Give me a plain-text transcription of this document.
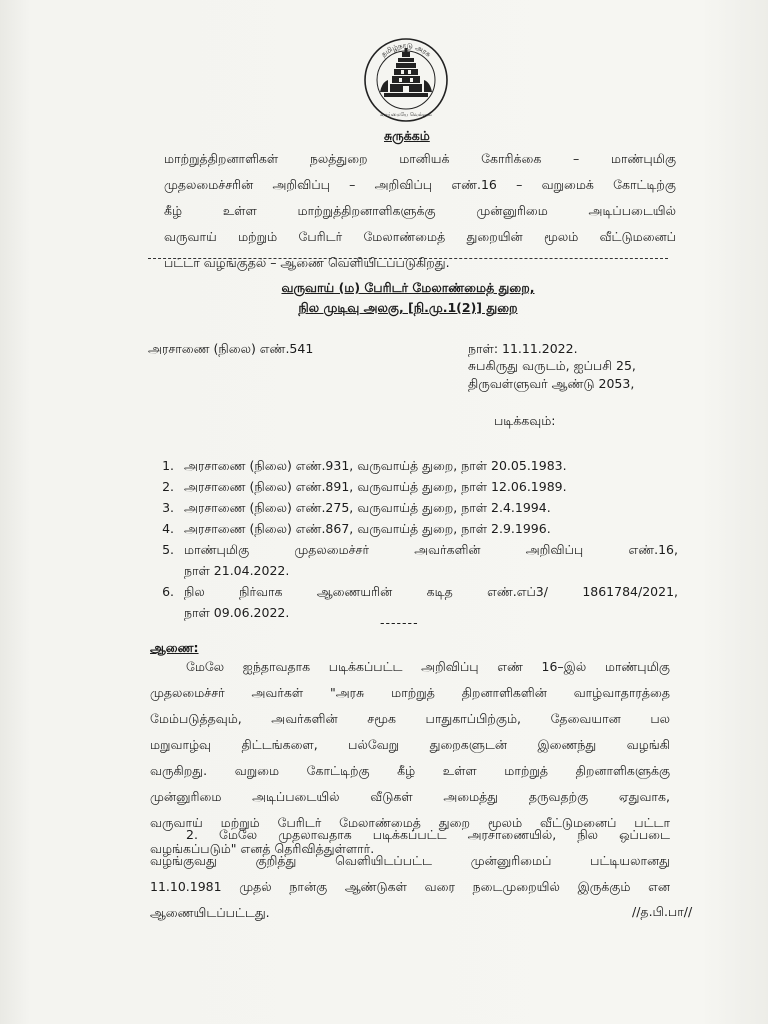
தமிழ்நாடு அரசு
வாய்மையே வெல்லும்
சுருக்கம்

மாற்றுத்திறனாளிகள்	நலத்துறை	மானியக்	கோரிக்கை	–	மாண்புமிகு

முதலமைச்சரின் அறிவிப்பு – அறிவிப்பு எண்.16 – வறுமைக் கோட்டிற்கு

கீழ்	உள்ள	மாற்றுத்திறனாளிகளுக்கு	முன்னுரிமை	அடிப்படையில்

வருவாய் மற்றும் பேரிடர் மேலாண்மைத் துறையின் மூலம் வீட்டுமனைப்

பட்டா வழங்குதல் – ஆணை வெளியிடப்படுகிறது.

வருவாய் (ம) பேரிடர் மேலாண்மைத் துறை,
நில முடிவு அலகு, [நி.மு.1(2)] துறை
அரசாணை (நிலை) எண்.541	நாள்: 11.11.2022.
சுபகிருது வருடம், ஐப்பசி 25,
திருவள்ளுவர் ஆண்டு 2053,
படிக்கவும்:
1. அரசாணை (நிலை) எண்.931, வருவாய்த் துறை, நாள் 20.05.1983.
2. அரசாணை (நிலை) எண்.891, வருவாய்த் துறை, நாள் 12.06.1989.
3. அரசாணை (நிலை) எண்.275, வருவாய்த் துறை, நாள் 2.4.1994.
4. அரசாணை (நிலை) எண்.867, வருவாய்த் துறை, நாள் 2.9.1996.
5. மாண்புமிகு	முதலமைச்சர்	அவர்களின்	அறிவிப்பு	எண்.16,
நாள் 21.04.2022.
6. நில	நிர்வாக	ஆணையரின்	கடித	எண்.எப்3/	1861784/2021,
நாள் 09.06.2022.
-------
ஆணை:

மேலே ஐந்தாவதாக படிக்கப்பட்ட அறிவிப்பு எண் 16–இல் மாண்புமிகு

முதலமைச்சர் அவர்கள் "அரசு மாற்றுத் திறனாளிகளின் வாழ்வாதாரத்தை

மேம்படுத்தவும், அவர்களின் சமூக பாதுகாப்பிற்கும், தேவையான பல

மறுவாழ்வு திட்டங்களை, பல்வேறு துறைகளுடன் இணைந்து வழங்கி

வருகிறது. வறுமை கோட்டிற்கு கீழ் உள்ள மாற்றுத் திறனாளிகளுக்கு

முன்னுரிமை அடிப்படையில் வீடுகள் அமைத்து தருவதற்கு ஏதுவாக,

வருவாய் மற்றும் பேரிடர் மேலாண்மைத் துறை மூலம் வீட்டுமனைப் பட்டா

வழங்கப்படும்" எனத் தெரிவித்துள்ளார்.

2. மேலே முதலாவதாக படிக்கப்பட்ட அரசாணையில், நில ஒப்படை

வழங்குவது	குறித்து	வெளியிடப்பட்ட	முன்னுரிமைப்	பட்டியலானது

11.10.1981 முதல் நான்கு ஆண்டுகள் வரை நடைமுறையில் இருக்கும் என

ஆணையிடப்பட்டது.	//த.பி.பா//
